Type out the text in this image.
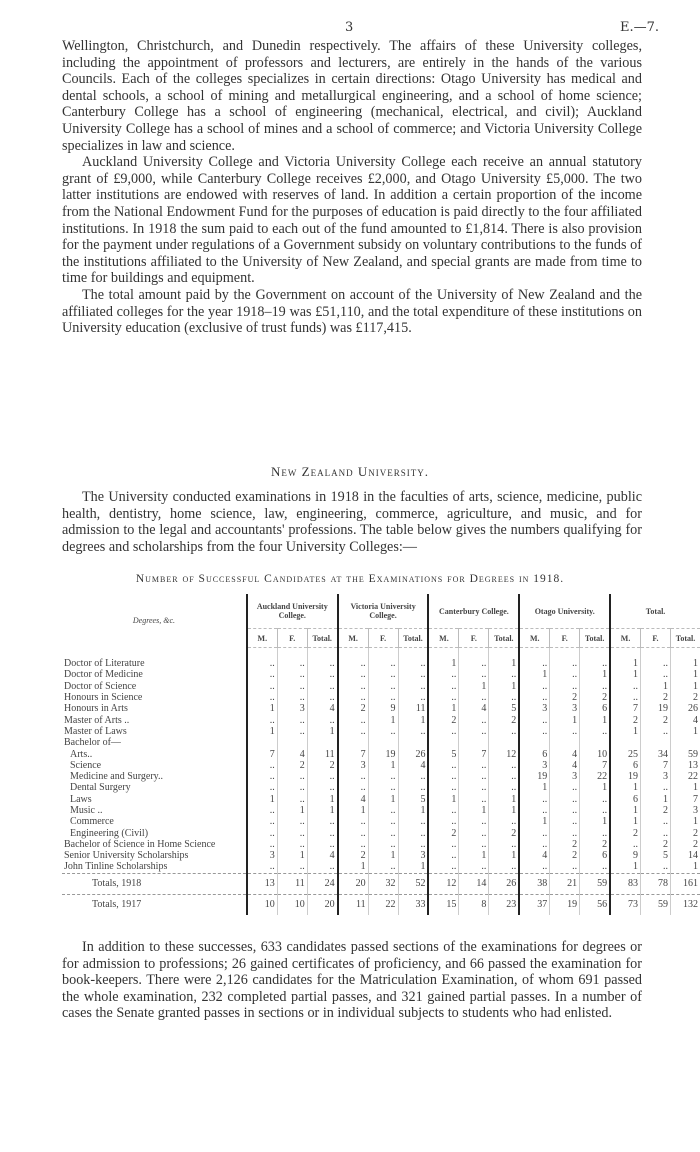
3	E.—7.

Wellington, Christchurch, and Dunedin respectively. The affairs of these University colleges, including the appointment of professors and lecturers, are entirely in the hands of the various Councils. Each of the colleges specializes in certain directions: Otago University has medical and dental schools, a school of mining and metallurgical engineering, and a school of home science; Canterbury College has a school of engineering (mechanical, electrical, and civil); Auckland University College has a school of mines and a school of commerce; and Victoria University College specializes in law and science.

Auckland University College and Victoria University College each receive an annual statutory grant of £9,000, while Canterbury College receives £2,000, and Otago University £5,000. The two latter institutions are endowed with reserves of land. In addition a certain proportion of the income from the National Endowment Fund for the purposes of education is paid directly to the four affiliated institutions. In 1918 the sum paid to each out of the fund amounted to £1,814. There is also provision for the payment under regulations of a Government subsidy on voluntary contributions to the funds of the institutions affiliated to the University of New Zealand, and special grants are made from time to time for buildings and equipment.

The total amount paid by the Government on account of the University of New Zealand and the affiliated colleges for the year 1918–19 was £51,110, and the total expenditure of these institutions on University education (exclusive of trust funds) was £117,415.

New Zealand University.

The University conducted examinations in 1918 in the faculties of arts, science, medicine, public health, dentistry, home science, law, engineering, commerce, agriculture, and music, and for admission to the legal and accountants' professions. The table below gives the numbers qualifying for degrees and scholarships from the four University Colleges:—

Number of Successful Candidates at the Examinations for Degrees in 1918.
Degrees, &c.	Auckland University College.			Victoria University College.			Canterbury College.			Otago University.			Total.		
	M.	F.	Total.	M.	F.	Total.	M.	F.	Total.	M.	F.	Total.	M.	F.	Total.
Doctor of Literature	..	..	..	..	..	..	1	..	1	..	..	..	1	..	1
Doctor of Medicine	..	..	..	..	..	..	..	..	..	1	..	1	1	..	1
Doctor of Science	..	..	..	..	..	..	..	1	1	..	..	..	..	1	1
Honours in Science	..	..	..	..	..	..	..	..	..	..	2	2	..	2	2
Honours in Arts	1	3	4	2	9	11	1	4	5	3	3	6	7	19	26
Master of Arts ..	..	..	..	..	1	1	2	..	2	..	1	1	2	2	4
Master of Laws	1	..	1	..	..	..	..	..	..	..	..	..	1	..	1
Bachelor of—															
Arts..	7	4	11	7	19	26	5	7	12	6	4	10	25	34	59
Science	..	2	2	3	1	4	..	..	..	3	4	7	6	7	13
Medicine and Surgery..	..	..	..	..	..	..	..	..	..	19	3	22	19	3	22
Dental Surgery	..	..	..	..	..	..	..	..	..	1	..	1	1	..	1
Laws	1	..	1	4	1	5	1	..	1	..	..	..	6	1	7
Music ..	..	1	1	1	..	1	..	1	1	..	..	..	1	2	3
Commerce	..	..	..	..	..	..	..	..	..	1	..	1	1	..	1
Engineering (Civil)	..	..	..	..	..	..	2	..	2	..	..	..	2	..	2
Bachelor of Science in Home Science	..	..	..	..	..	..	..	..	..	..	2	2	..	2	2
Senior University Scholarships	3	1	4	2	1	3	..	1	1	4	2	6	9	5	14
John Tinline Scholarships	..	..	..	1	..	1	..	..	..	..	..	..	1	..	1
Totals, 1918	13	11	24	20	32	52	12	14	26	38	21	59	83	78	161
Totals, 1917	10	10	20	11	22	33	15	8	23	37	19	56	73	59	132

In addition to these successes, 633 candidates passed sections of the examinations for degrees or for admission to professions; 26 gained certificates of proficiency, and 66 passed the examination for book-keepers. There were 2,126 candidates for the Matriculation Examination, of whom 691 passed the whole examination, 232 completed partial passes, and 321 gained partial passes. In a number of cases the Senate granted passes in sections or in individual subjects to students who had enlisted.
